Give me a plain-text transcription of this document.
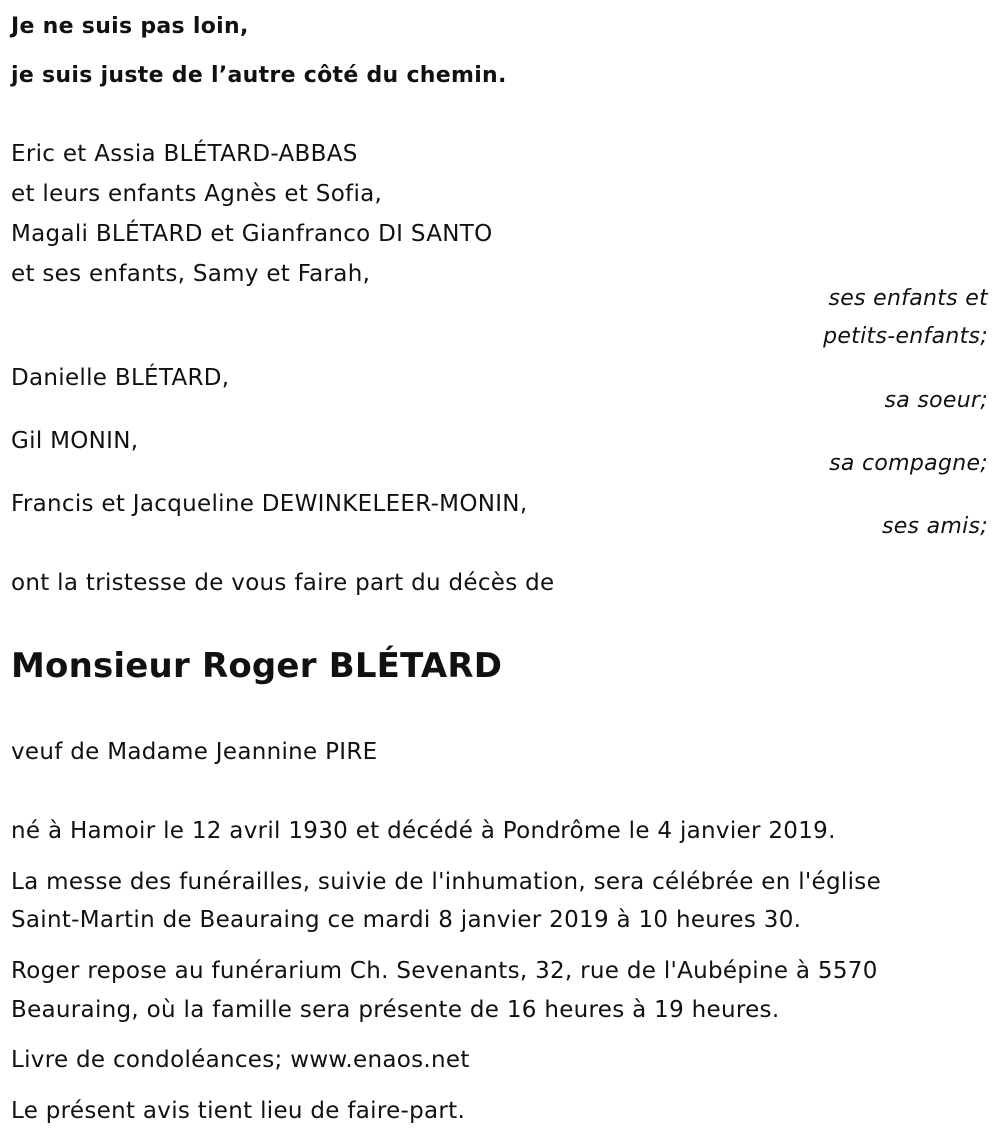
Je ne suis pas loin,
je suis juste de l’autre côté du chemin.
Eric et Assia BLÉTARD-ABBAS
et leurs enfants Agnès et Sofia,
Magali BLÉTARD et Gianfranco DI SANTO
et ses enfants, Samy et Farah,
ses enfants et
petits-enfants;
Danielle BLÉTARD,
sa soeur;
Gil MONIN,
sa compagne;
Francis et Jacqueline DEWINKELEER-MONIN,
ses amis;
ont la tristesse de vous faire part du décès de
Monsieur Roger BLÉTARD
veuf de Madame Jeannine PIRE
né à Hamoir le 12 avril 1930 et décédé à Pondrôme le 4 janvier 2019.
La messe des funérailles, suivie de l'inhumation, sera célébrée en l'église
Saint-Martin de Beauraing ce mardi 8 janvier 2019 à 10 heures 30.
Roger repose au funérarium Ch. Sevenants, 32, rue de l'Aubépine à 5570
Beauraing, où la famille sera présente de 16 heures à 19 heures.
Livre de condoléances; www.enaos.net
Le présent avis tient lieu de faire-part.
